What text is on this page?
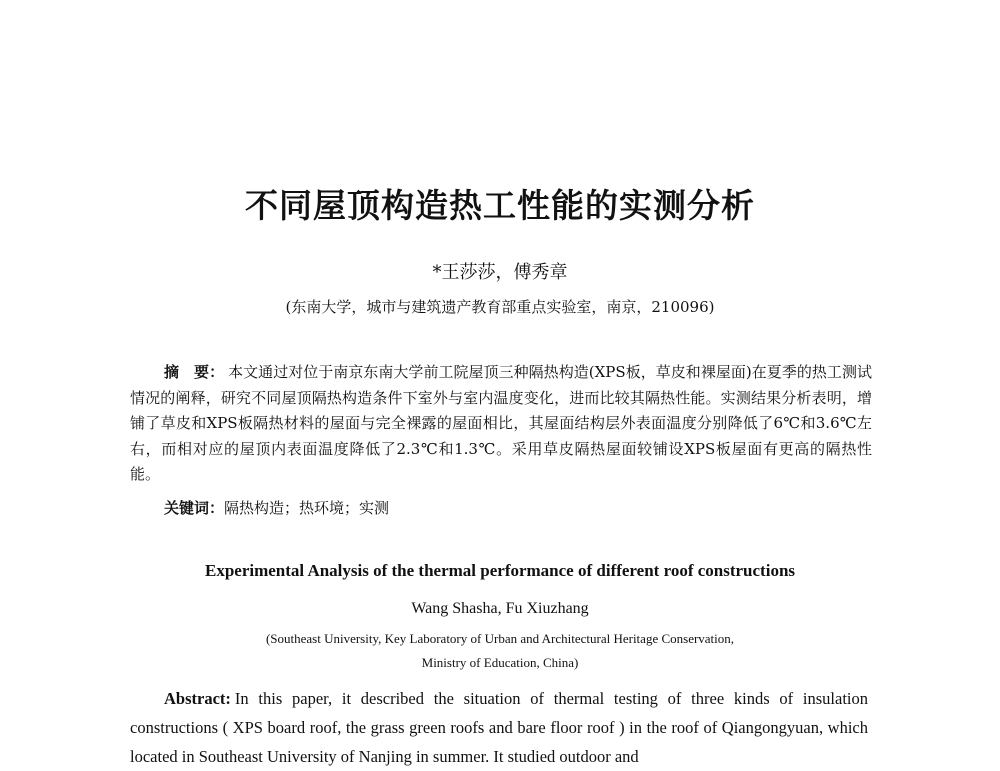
不同屋顶构造热工性能的实测分析
*王莎莎，傅秀章
(东南大学，城市与建筑遗产教育部重点实验室，南京，210096)
摘　要： 本文通过对位于南京东南大学前工院屋顶三种隔热构造(XPS板，草皮和裸屋面)在夏季的热工测试情况的阐释，研究不同屋顶隔热构造条件下室外与室内温度变化，进而比较其隔热性能。实测结果分析表明，增铺了草皮和XPS板隔热材料的屋面与完全裸露的屋面相比，其屋面结构层外表面温度分别降低了6℃和3.6℃左右，而相对应的屋顶内表面温度降低了2.3℃和1.3℃。采用草皮隔热屋面较铺设XPS板屋面有更高的隔热性能。
关键词：隔热构造；热环境；实测
Experimental Analysis of the thermal performance of different roof constructions
Wang Shasha, Fu Xiuzhang
(Southeast University, Key Laboratory of Urban and Architectural Heritage Conservation,
Ministry of Education, China)
Abstract: In this paper, it described the situation of thermal testing of three kinds of insulation constructions ( XPS board roof, the grass green roofs and bare floor roof ) in the roof of Qiangongyuan, which located in Southeast University of Nanjing in summer. It studied outdoor and
